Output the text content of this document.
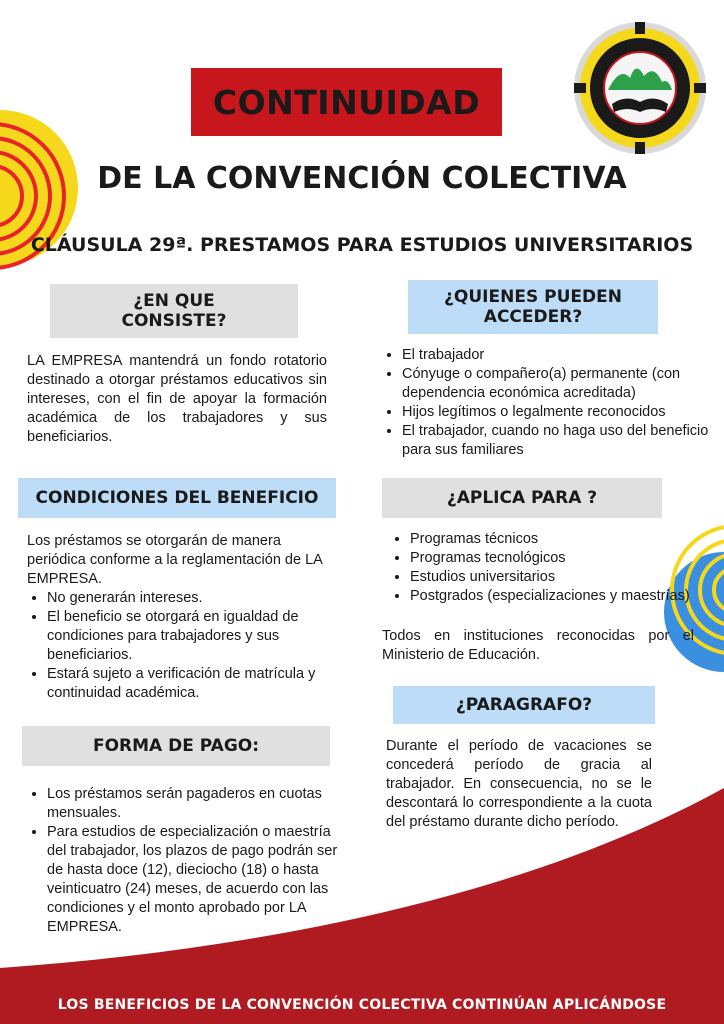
CONTINUIDAD
DE LA CONVENCIÓN COLECTIVA
CLÁUSULA 29ª. PRESTAMOS PARA ESTUDIOS UNIVERSITARIOS
¿EN QUE
CONSISTE?
LA EMPRESA mantendrá un fondo rotatorio destinado a otorgar préstamos educativos sin intereses, con el fin de apoyar la formación académica de los trabajadores y sus beneficiarios.
¿QUIENES PUEDEN
ACCEDER?
• El trabajador
• Cónyuge o compañero(a) permanente (con dependencia económica acreditada)
• Hijos legítimos o legalmente reconocidos
• El trabajador, cuando no haga uso del beneficio para sus familiares
CONDICIONES DEL BENEFICIO
Los préstamos se otorgarán de manera periódica conforme a la reglamentación de LA EMPRESA.
• No generarán intereses.
• El beneficio se otorgará en igualdad de condiciones para trabajadores y sus beneficiarios.
• Estará sujeto a verificación de matrícula y continuidad académica.
¿APLICA PARA ?
• Programas técnicos
• Programas tecnológicos
• Estudios universitarios
• Postgrados (especializaciones y maestrías)
Todos en instituciones reconocidas por el Ministerio de Educación.
FORMA DE PAGO:
• Los préstamos serán pagaderos en cuotas mensuales.
• Para estudios de especialización o maestría del trabajador, los plazos de pago podrán ser de hasta doce (12), dieciocho (18) o hasta veinticuatro (24) meses, de acuerdo con las condiciones y el monto aprobado por LA EMPRESA.
¿PARAGRAFO?
Durante el período de vacaciones se concederá período de gracia al trabajador. En consecuencia, no se le descontará lo correspondiente a la cuota del préstamo durante dicho período.
LOS BENEFICIOS DE LA CONVENCIÓN COLECTIVA CONTINÚAN APLICÁNDOSE
